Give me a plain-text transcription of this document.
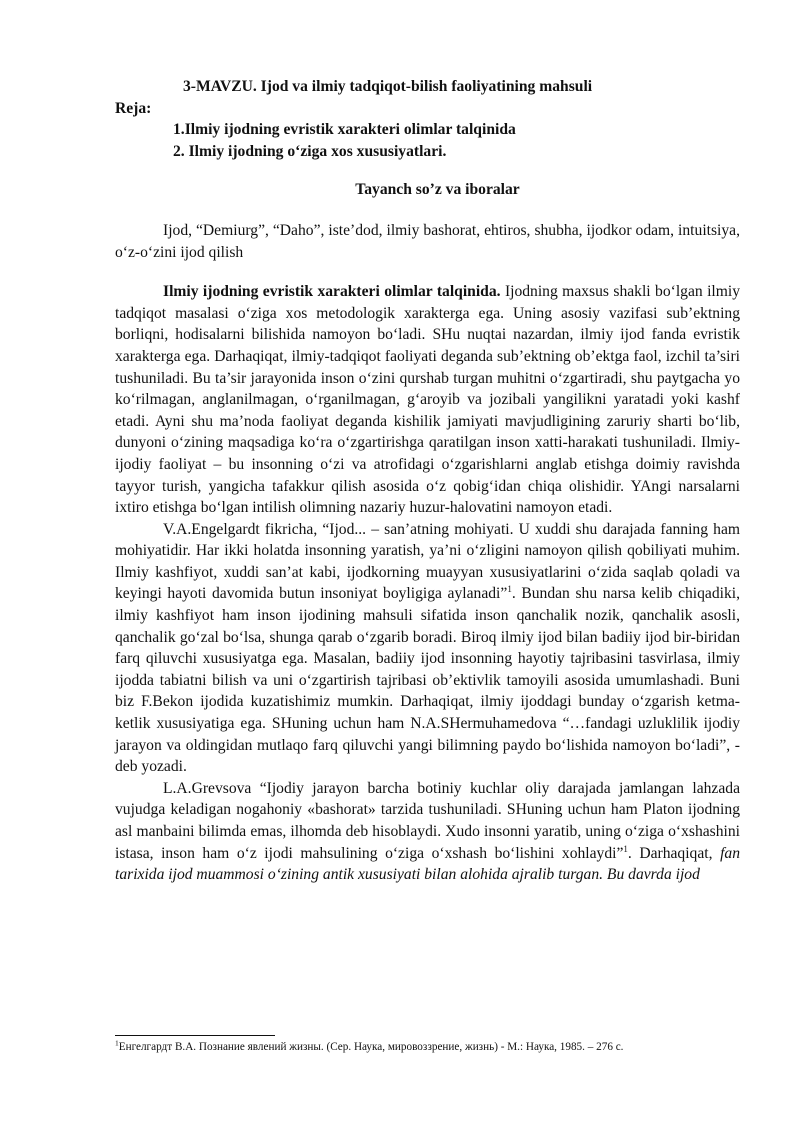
3-MAVZU. Ijod va ilmiy tadqiqot-bilish faoliyatining mahsuli

Reja:

1.Ilmiy ijodning evristik xarakteri olimlar talqinida

2. Ilmiy ijodning o‘ziga xos xususiyatlari.

Tayanch so’z va iboralar

Ijod, “Demiurg”, “Daho”, iste’dod, ilmiy bashorat, ehtiros, shubha, ijodkor odam, intuitsiya, o‘z-o‘zini ijod qilish

Ilmiy ijodning evristik xarakteri olimlar talqinida. Ijodning maxsus shakli bo‘lgan ilmiy tadqiqot masalasi o‘ziga xos metodologik xarakterga ega. Uning asosiy vazifasi sub’ektning borliqni, hodisalarni bilishida namoyon bo‘ladi. SHu nuqtai nazardan, ilmiy ijod fanda evristik xarakterga ega. Darhaqiqat, ilmiy-tadqiqot faoliyati deganda sub’ektning ob’ektga faol, izchil ta’siri tushuniladi. Bu ta’sir jarayonida inson o‘zini qurshab turgan muhitni o‘zgartiradi, shu paytgacha yo ko‘rilmagan, anglanilmagan, o‘rganilmagan, g‘aroyib va jozibali yangilikni yaratadi yoki kashf etadi. Ayni shu ma’noda faoliyat deganda kishilik jamiyati mavjudligining zaruriy sharti bo‘lib, dunyoni o‘zining maqsadiga ko‘ra o‘zgartirishga qaratilgan inson xatti-harakati tushuniladi. Ilmiy-ijodiy faoliyat – bu insonning o‘zi va atrofidagi o‘zgarishlarni anglab etishga doimiy ravishda tayyor turish, yangicha tafakkur qilish asosida o‘z qobig‘idan chiqa olishidir. YAngi narsalarni ixtiro etishga bo‘lgan intilish olimning nazariy huzur-halovatini namoyon etadi.

V.A.Engelgardt fikricha, “Ijod... – san’atning mohiyati. U xuddi shu darajada fanning ham mohiyatidir. Har ikki holatda insonning yaratish, ya’ni o‘zligini namoyon qilish qobiliyati muhim. Ilmiy kashfiyot, xuddi san’at kabi, ijodkorning muayyan xususiyatlarini o‘zida saqlab qoladi va keyingi hayoti davomida butun insoniyat boyligiga aylanadi”$^1$. Bundan shu narsa kelib chiqadiki, ilmiy kashfiyot ham inson ijodining mahsuli sifatida inson qanchalik nozik, qanchalik asosli, qanchalik go‘zal bo‘lsa, shunga qarab o‘zgarib boradi. Biroq ilmiy ijod bilan badiiy ijod bir-biridan farq qiluvchi xususiyatga ega. Masalan, badiiy ijod insonning hayotiy tajribasini tasvirlasa, ilmiy ijodda tabiatni bilish va uni o‘zgartirish tajribasi ob’ektivlik tamoyili asosida umumlashadi. Buni biz F.Bekon ijodida kuzatishimiz mumkin. Darhaqiqat, ilmiy ijoddagi bunday o‘zgarish ketma-ketlik xususiyatiga ega. SHuning uchun ham N.A.SHermuhamedova “…fandagi uzluklilik ijodiy jarayon va oldingidan mutlaqo farq qiluvchi yangi bilimning paydo bo‘lishida namoyon bo‘ladi”, - deb yozadi.

L.A.Grevsova “Ijodiy jarayon barcha botiniy kuchlar oliy darajada jamlangan lahzada vujudga keladigan nogahoniy «bashorat» tarzida tushuniladi. SHuning uchun ham Platon ijodning asl manbaini bilimda emas, ilhomda deb hisoblaydi. Xudo insonni yaratib, uning o‘ziga o‘xshashini istasa, inson ham o‘z ijodi mahsulining o‘ziga o‘xshash bo‘lishini xohlaydi”$^1$. Darhaqiqat, fan tarixida ijod muammosi o‘zining antik xususiyati bilan alohida ajralib turgan. Bu davrda ijod

$^1$Енгелгардт В.А. Познание явлений жизны. (Сер. Наука, мировоззрение, жизнь) - М.: Наука, 1985. – 276 с.
